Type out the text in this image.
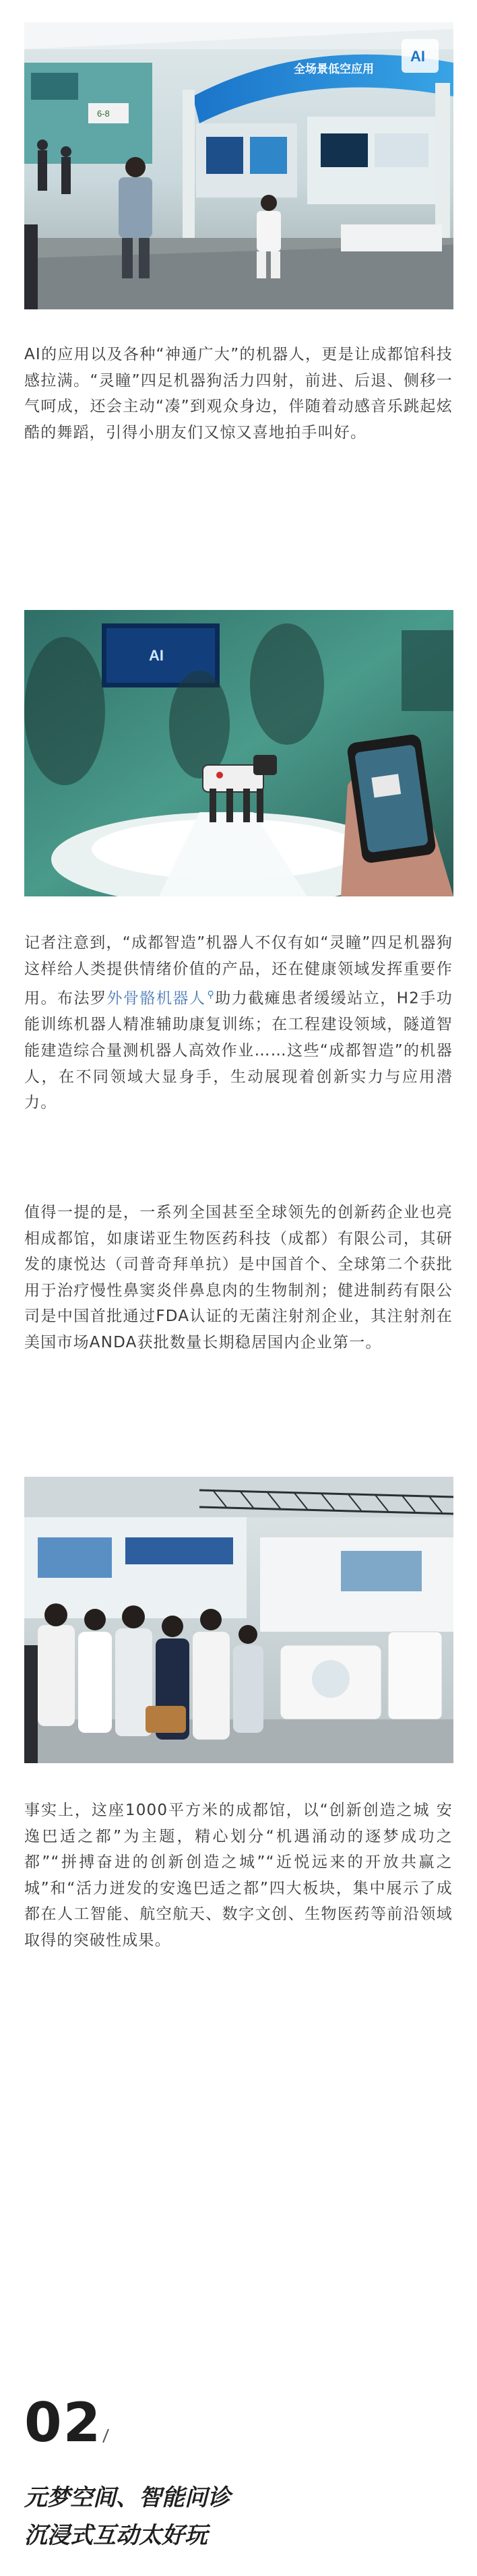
6-8
全场景低空应用
AI

AI的应用以及各种“神通广大”的机器人，更是让成都馆科技感拉满。“灵瞳”四足机器狗活力四射，前进、后退、侧移一气呵成，还会主动“凑”到观众身边，伴随着动感音乐跳起炫酷的舞蹈，引得小朋友们又惊又喜地拍手叫好。

AI

记者注意到，“成都智造”机器人不仅有如“灵瞳”四足机器狗这样给人类提供情绪价值的产品，还在健康领域发挥重要作用。布法罗外骨骼机器人 ⚲助力截瘫患者缓缓站立，H2手功能训练机器人精准辅助康复训练；在工程建设领域，隧道智能建造综合量测机器人高效作业……这些“成都智造”的机器人，在不同领域大显身手，生动展现着创新实力与应用潜力。

值得一提的是，一系列全国甚至全球领先的创新药企业也亮相成都馆，如康诺亚生物医药科技（成都）有限公司，其研发的康悦达（司普奇拜单抗）是中国首个、全球第二个获批用于治疗慢性鼻窦炎伴鼻息肉的生物制剂；健进制药有限公司是中国首批通过FDA认证的无菌注射剂企业，其注射剂在美国市场ANDA获批数量长期稳居国内企业第一。

事实上，这座1000平方米的成都馆，以“创新创造之城 安逸巴适之都”为主题，精心划分“机遇涌动的逐梦成功之都”“拼搏奋进的创新创造之城”“近悦远来的开放共赢之城”和“活力迸发的安逸巴适之都”四大板块，集中展示了成都在人工智能、航空航天、数字文创、生物医药等前沿领域取得的突破性成果。

02

元梦空间、智能问诊

沉浸式互动太好玩
